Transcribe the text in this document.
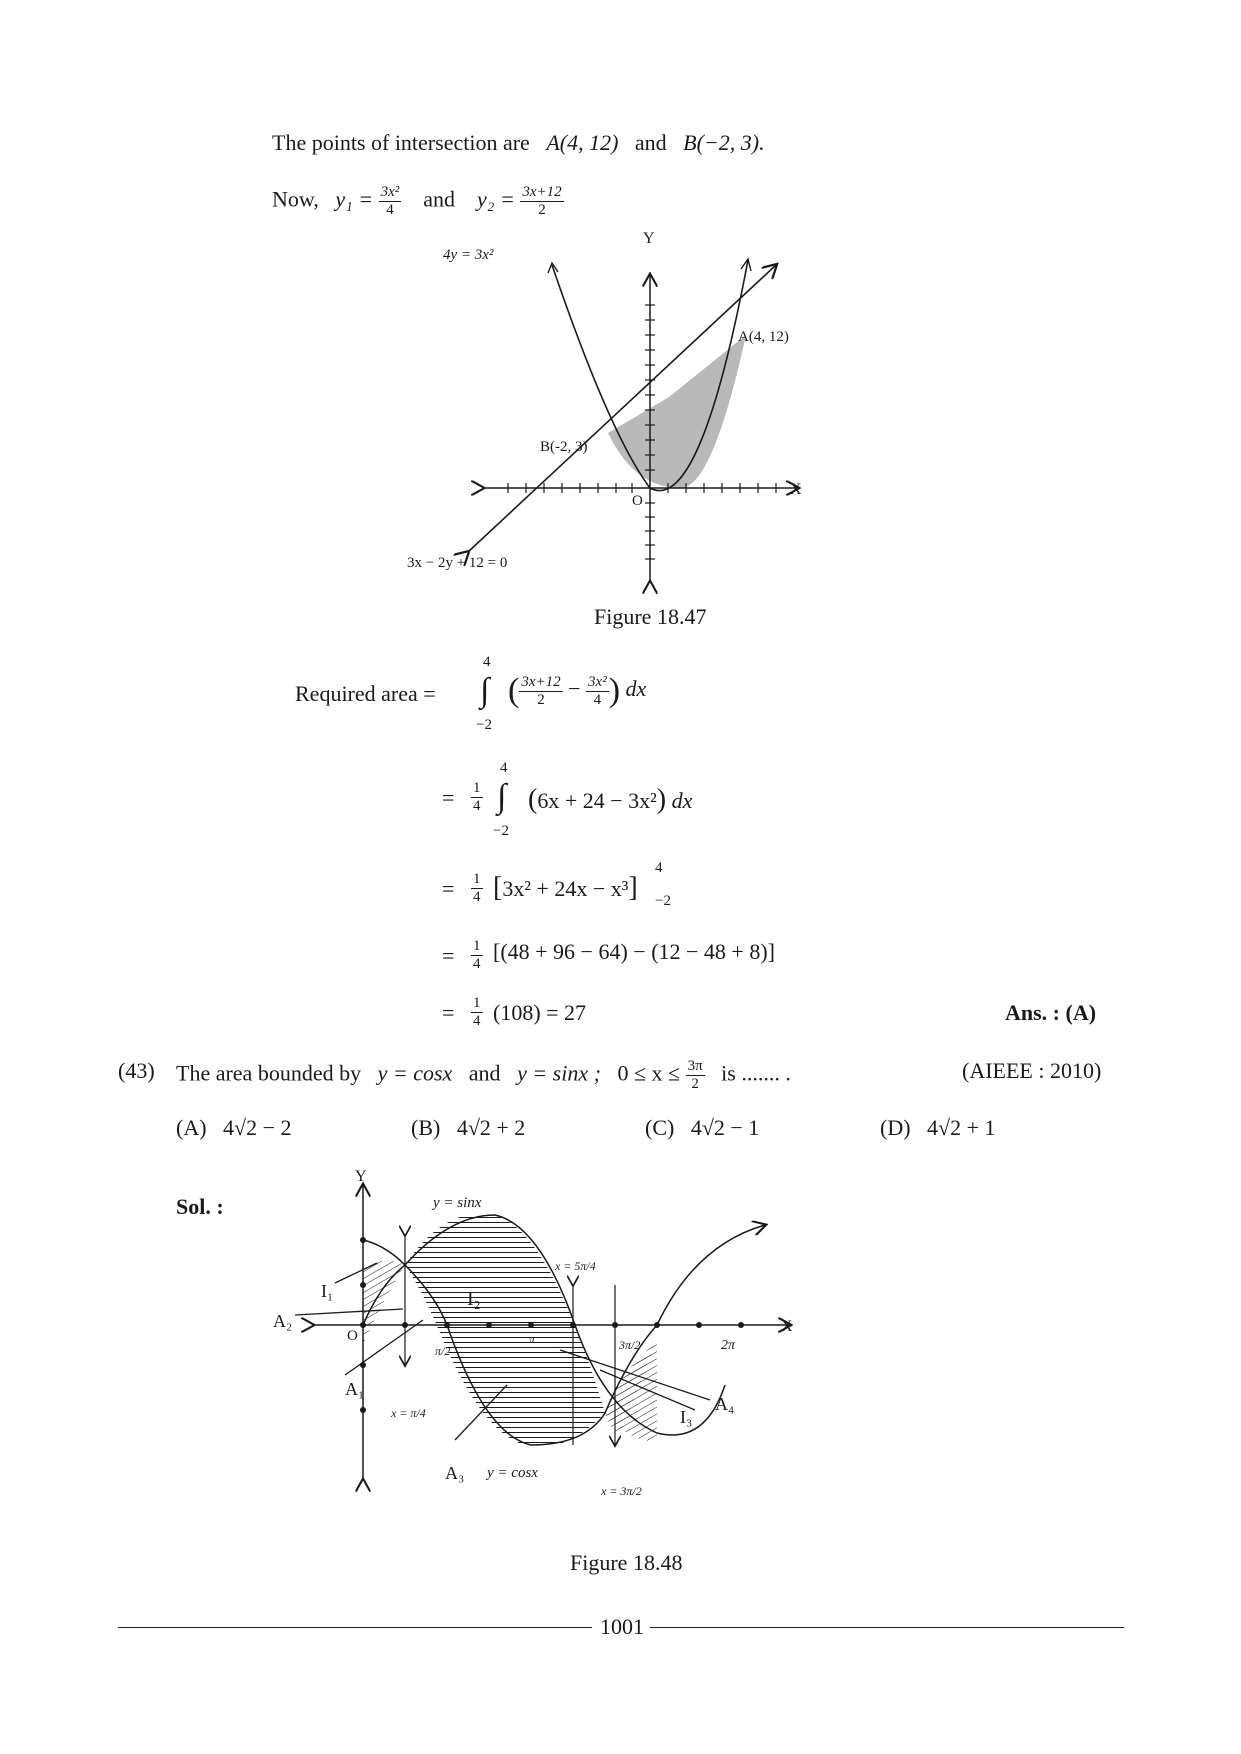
The points of intersection are A(4, 12) and B(−2, 3).
Now, $y_1 = \frac{\text{3x²}}{4}$ and $y_2 = \frac{3x+12}{2}$
4y = 3x²
Y
X
O
A(4, 12)
B(-2, 3)
3x − 2y + 12 = 0
Figure 18.47
Required area =
4
∫
−2
( $\frac{3x+12}{2} - \frac{\text{3x²}}{4}$ ) dx
= $\frac{1}{4}$
4
∫
−2
(6x + 24 − 3x²) dx
= $\frac{1}{4} [3x^2 + 24x - x^3]$
4
−2
= $\frac{1}{4} [(48 + 96 - 64) - (12 - 48 + 8)]$
= $\frac{1}{4} (108) = 27$	Ans. : (A)
(43) The area bounded by y = cosx and y = sinx ; $0 \le x \le \frac{3\pi}{2}$ is ....... .	(AIEEE : 2010)
(A) 4√2 − 2	(B) 4√2 + 2	(C) 4√2 − 1	(D) 4√2 + 1
Sol. :
Y
X
O
y = sinx
y = cosx
x = π/4
x = 5π/4
x = 3π/2
π/2
π	3π/2	2π
I₁	I₂
I₃
A₁
A₂
A₃
A₄
Figure 18.48
1001
